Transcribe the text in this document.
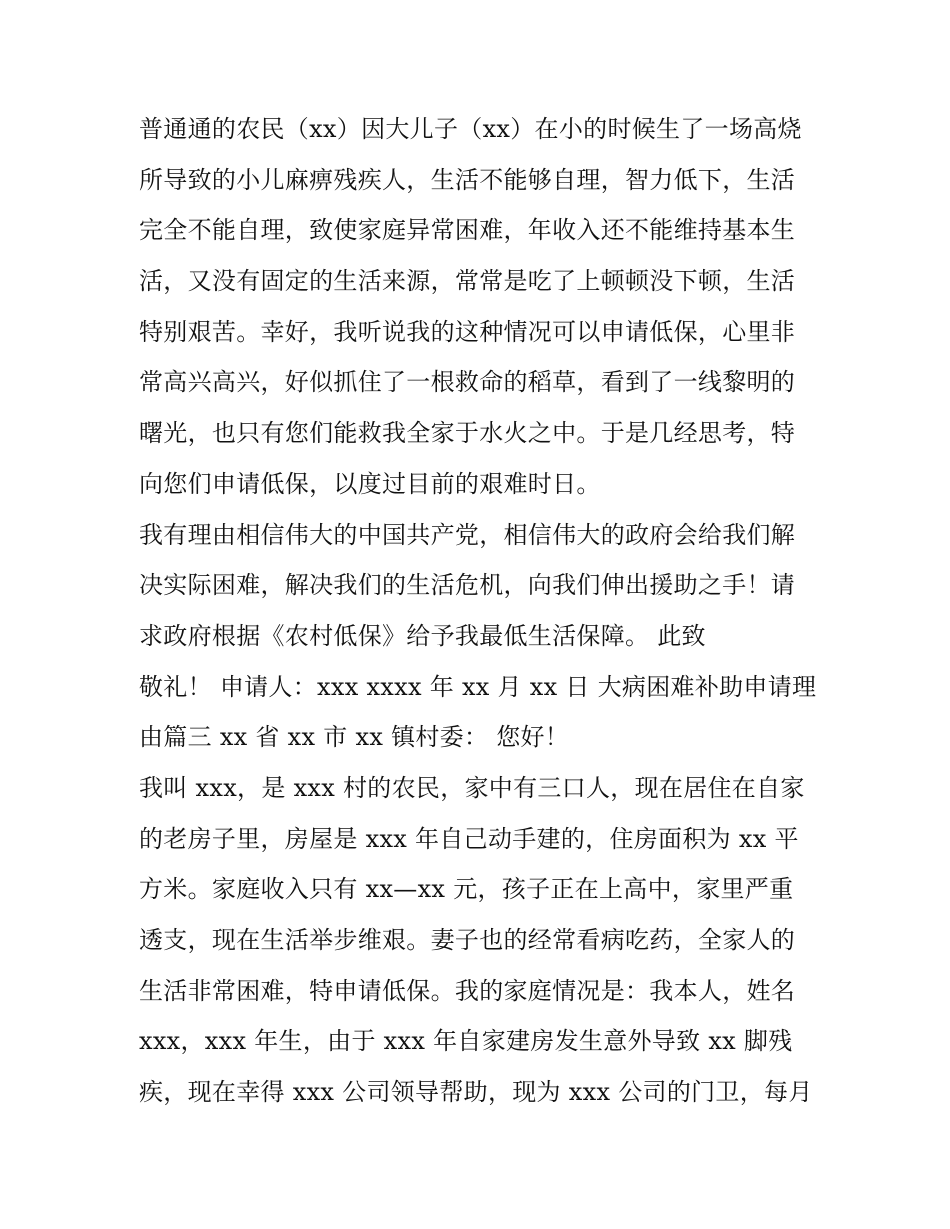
普通通的农民（xx）因大儿子（xx）在小的时候生了一场高烧
所导致的小儿麻痹残疾人，生活不能够自理，智力低下，生活
完全不能自理，致使家庭异常困难，年收入还不能维持基本生
活，又没有固定的生活来源，常常是吃了上顿顿没下顿，生活
特别艰苦。幸好，我听说我的这种情况可以申请低保，心里非
常高兴高兴，好似抓住了一根救命的稻草，看到了一线黎明的
曙光，也只有您们能救我全家于水火之中。于是几经思考，特
向您们申请低保，以度过目前的艰难时日。
我有理由相信伟大的中国共产党，相信伟大的政府会给我们解
决实际困难，解决我们的生活危机，向我们伸出援助之手！请
求政府根据《农村低保》给予我最低生活保障。 此致
敬礼！ 申请人：xxx xxxx 年 xx 月 xx 日 大病困难补助申请理
由篇三 xx 省 xx 市 xx 镇村委： 您好！
我叫 xxx，是 xxx 村的农民，家中有三口人，现在居住在自家
的老房子里，房屋是 xxx 年自己动手建的，住房面积为 xx 平
方米。家庭收入只有 xx—xx 元，孩子正在上高中，家里严重
透支，现在生活举步维艰。妻子也的经常看病吃药，全家人的
生活非常困难，特申请低保。我的家庭情况是：我本人，姓名
xxx，xxx 年生，由于 xxx 年自家建房发生意外导致 xx 脚残
疾，现在幸得 xxx 公司领导帮助，现为 xxx 公司的门卫，每月
